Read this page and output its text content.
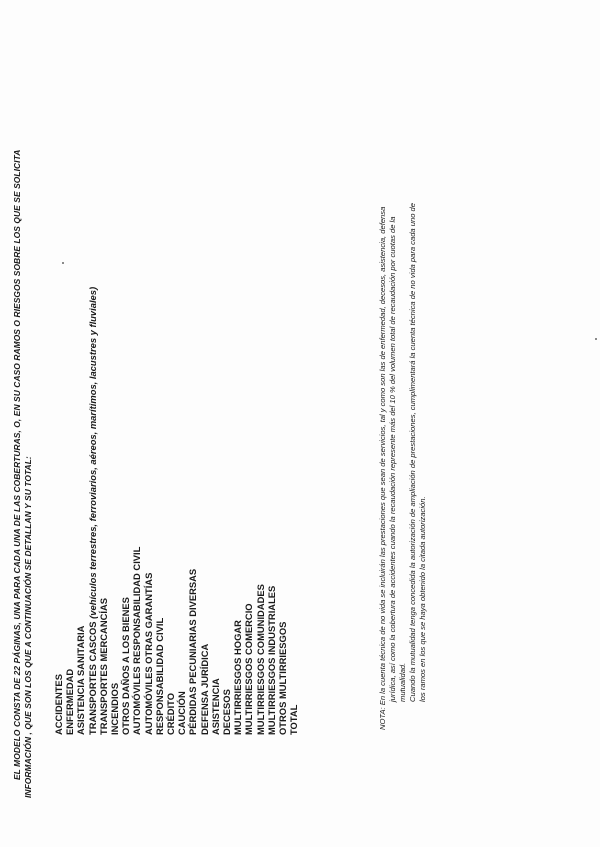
EL MODELO CONSTA DE 22 PÁGINAS, UNA PARA CADA UNA DE LAS COBERTURAS, O, EN SU CASO RAMOS O RIESGOS SOBRE LOS QUE SE SOLICITA INFORMACIÓN , QUE SON LOS QUE A CONTINUACIÓN SE DETALLAN Y SU TOTAL: ACCIDENTES ENFERMEDAD ASISTENCIA SANITARIA TRANSPORTES CASCOS (vehículos terrestres, ferroviarios, aéreos, marítimos, lacustres y fluviales)
TRANSPORTES MERCANCÍAS INCENDIOS OTROS DAÑOS A LOS BIENES AUTOMÓVILES RESPONSABILIDAD CIVIL AUTOMÓVILES OTRAS GARANTÍAS RESPONSABILIDAD CIVIL CRÉDITO CAUCIÓN PÉRDIDAS PECUNIARIAS DIVERSAS DEFENSA JURÍDICA ASISTENCIA DECESOS MULTIRRIESGOS HOGAR MULTIRRIESGOS COMERCIO MULTIRRIESGOS COMUNIDADES MULTIRRIESGOS INDUSTRIALES OTROS MULTIRRIESGOS TOTAL	NOTA: En la cuenta técnica de no vida se incluirán las prestaciones que sean de servicios, tal y como son las de enfermedad, decesos, asistencia, defensa jurídica, así como la cobertura de accidentes cuando la recaudación represente más del 10 % del volumen total de recaudación por cuotas de la mutualidad. Cuando la mutualidad tenga concedida la autorización de ampliación de prestaciones, cumplimentará la cuenta técnica de no vida para cada uno de los ramos en los que se haya obtenido la citada autorización.
